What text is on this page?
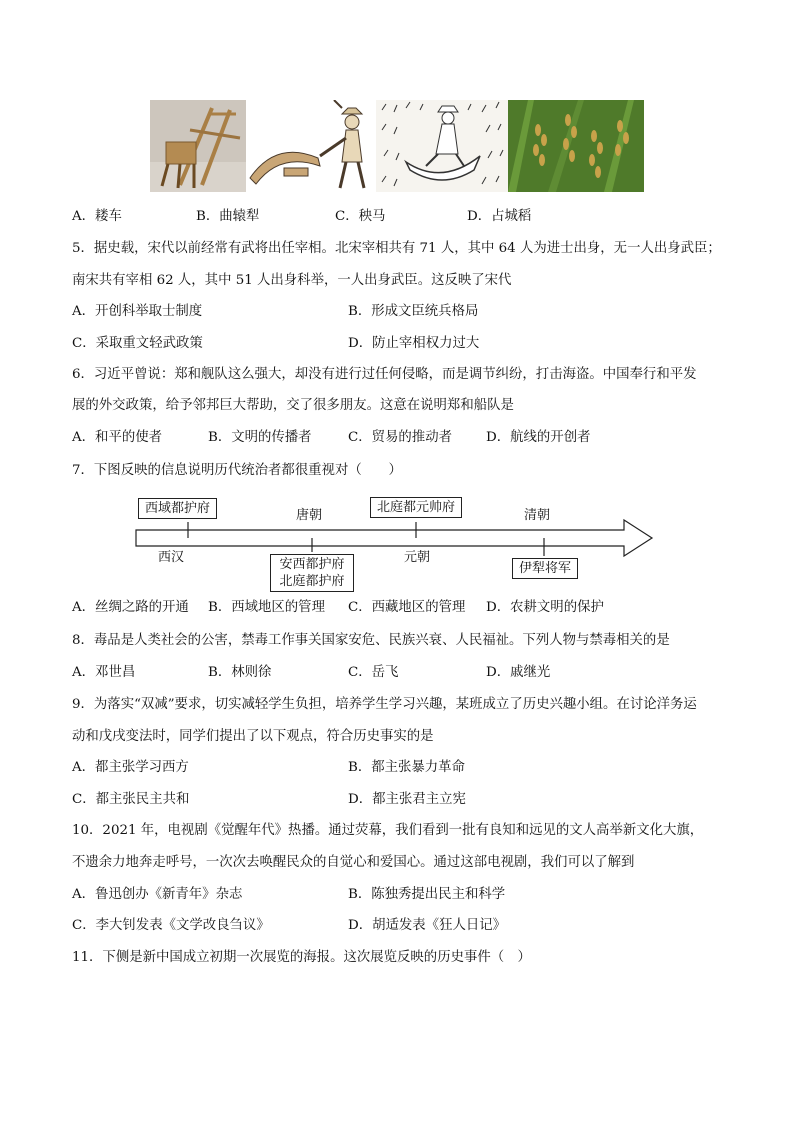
A．耧车	B．曲辕犁	C．秧马	D．占城稻
5．据史载，宋代以前经常有武将出任宰相。北宋宰相共有 71 人，其中 64 人为进士出身，无一人出身武臣；
南宋共有宰相 62 人，其中 51 人出身科举，一人出身武臣。这反映了宋代
A．开创科举取士制度	B．形成文臣统兵格局
C．采取重文轻武政策	D．防止宰相权力过大
6．习近平曾说：郑和舰队这么强大，却没有进行过任何侵略，而是调节纠纷，打击海盗。中国奉行和平发
展的外交政策，给予邻邦巨大帮助，交了很多朋友。这意在说明郑和船队是
A．和平的使者	B．文明的传播者	C．贸易的推动者	D．航线的开创者
7．下图反映的信息说明历代统治者都很重视对（　　）
西域都护府	北庭都元帅府
安西都护府
北庭都护府
伊犁将军
西汉
唐朝
元朝
清朝
A．丝绸之路的开通 B．西域地区的管理 C．西藏地区的管理 D．农耕文明的保护
8．毒品是人类社会的公害，禁毒工作事关国家安危、民族兴衰、人民福祉。下列人物与禁毒相关的是
A．邓世昌	B．林则徐	C．岳飞	D．戚继光
9．为落实“双减”要求，切实减轻学生负担，培养学生学习兴趣，某班成立了历史兴趣小组。在讨论洋务运
动和戊戌变法时，同学们提出了以下观点，符合历史事实的是
A．都主张学习西方	B．都主张暴力革命
C．都主张民主共和	D．都主张君主立宪
10．2021 年，电视剧《觉醒年代》热播。通过荧幕，我们看到一批有良知和远见的文人高举新文化大旗，
不遗余力地奔走呼号，一次次去唤醒民众的自觉心和爱国心。通过这部电视剧，我们可以了解到
A．鲁迅创办《新青年》杂志	B．陈独秀提出民主和科学
C．李大钊发表《文学改良刍议》	D．胡适发表《狂人日记》
11．下侧是新中国成立初期一次展览的海报。这次展览反映的历史事件（　）
